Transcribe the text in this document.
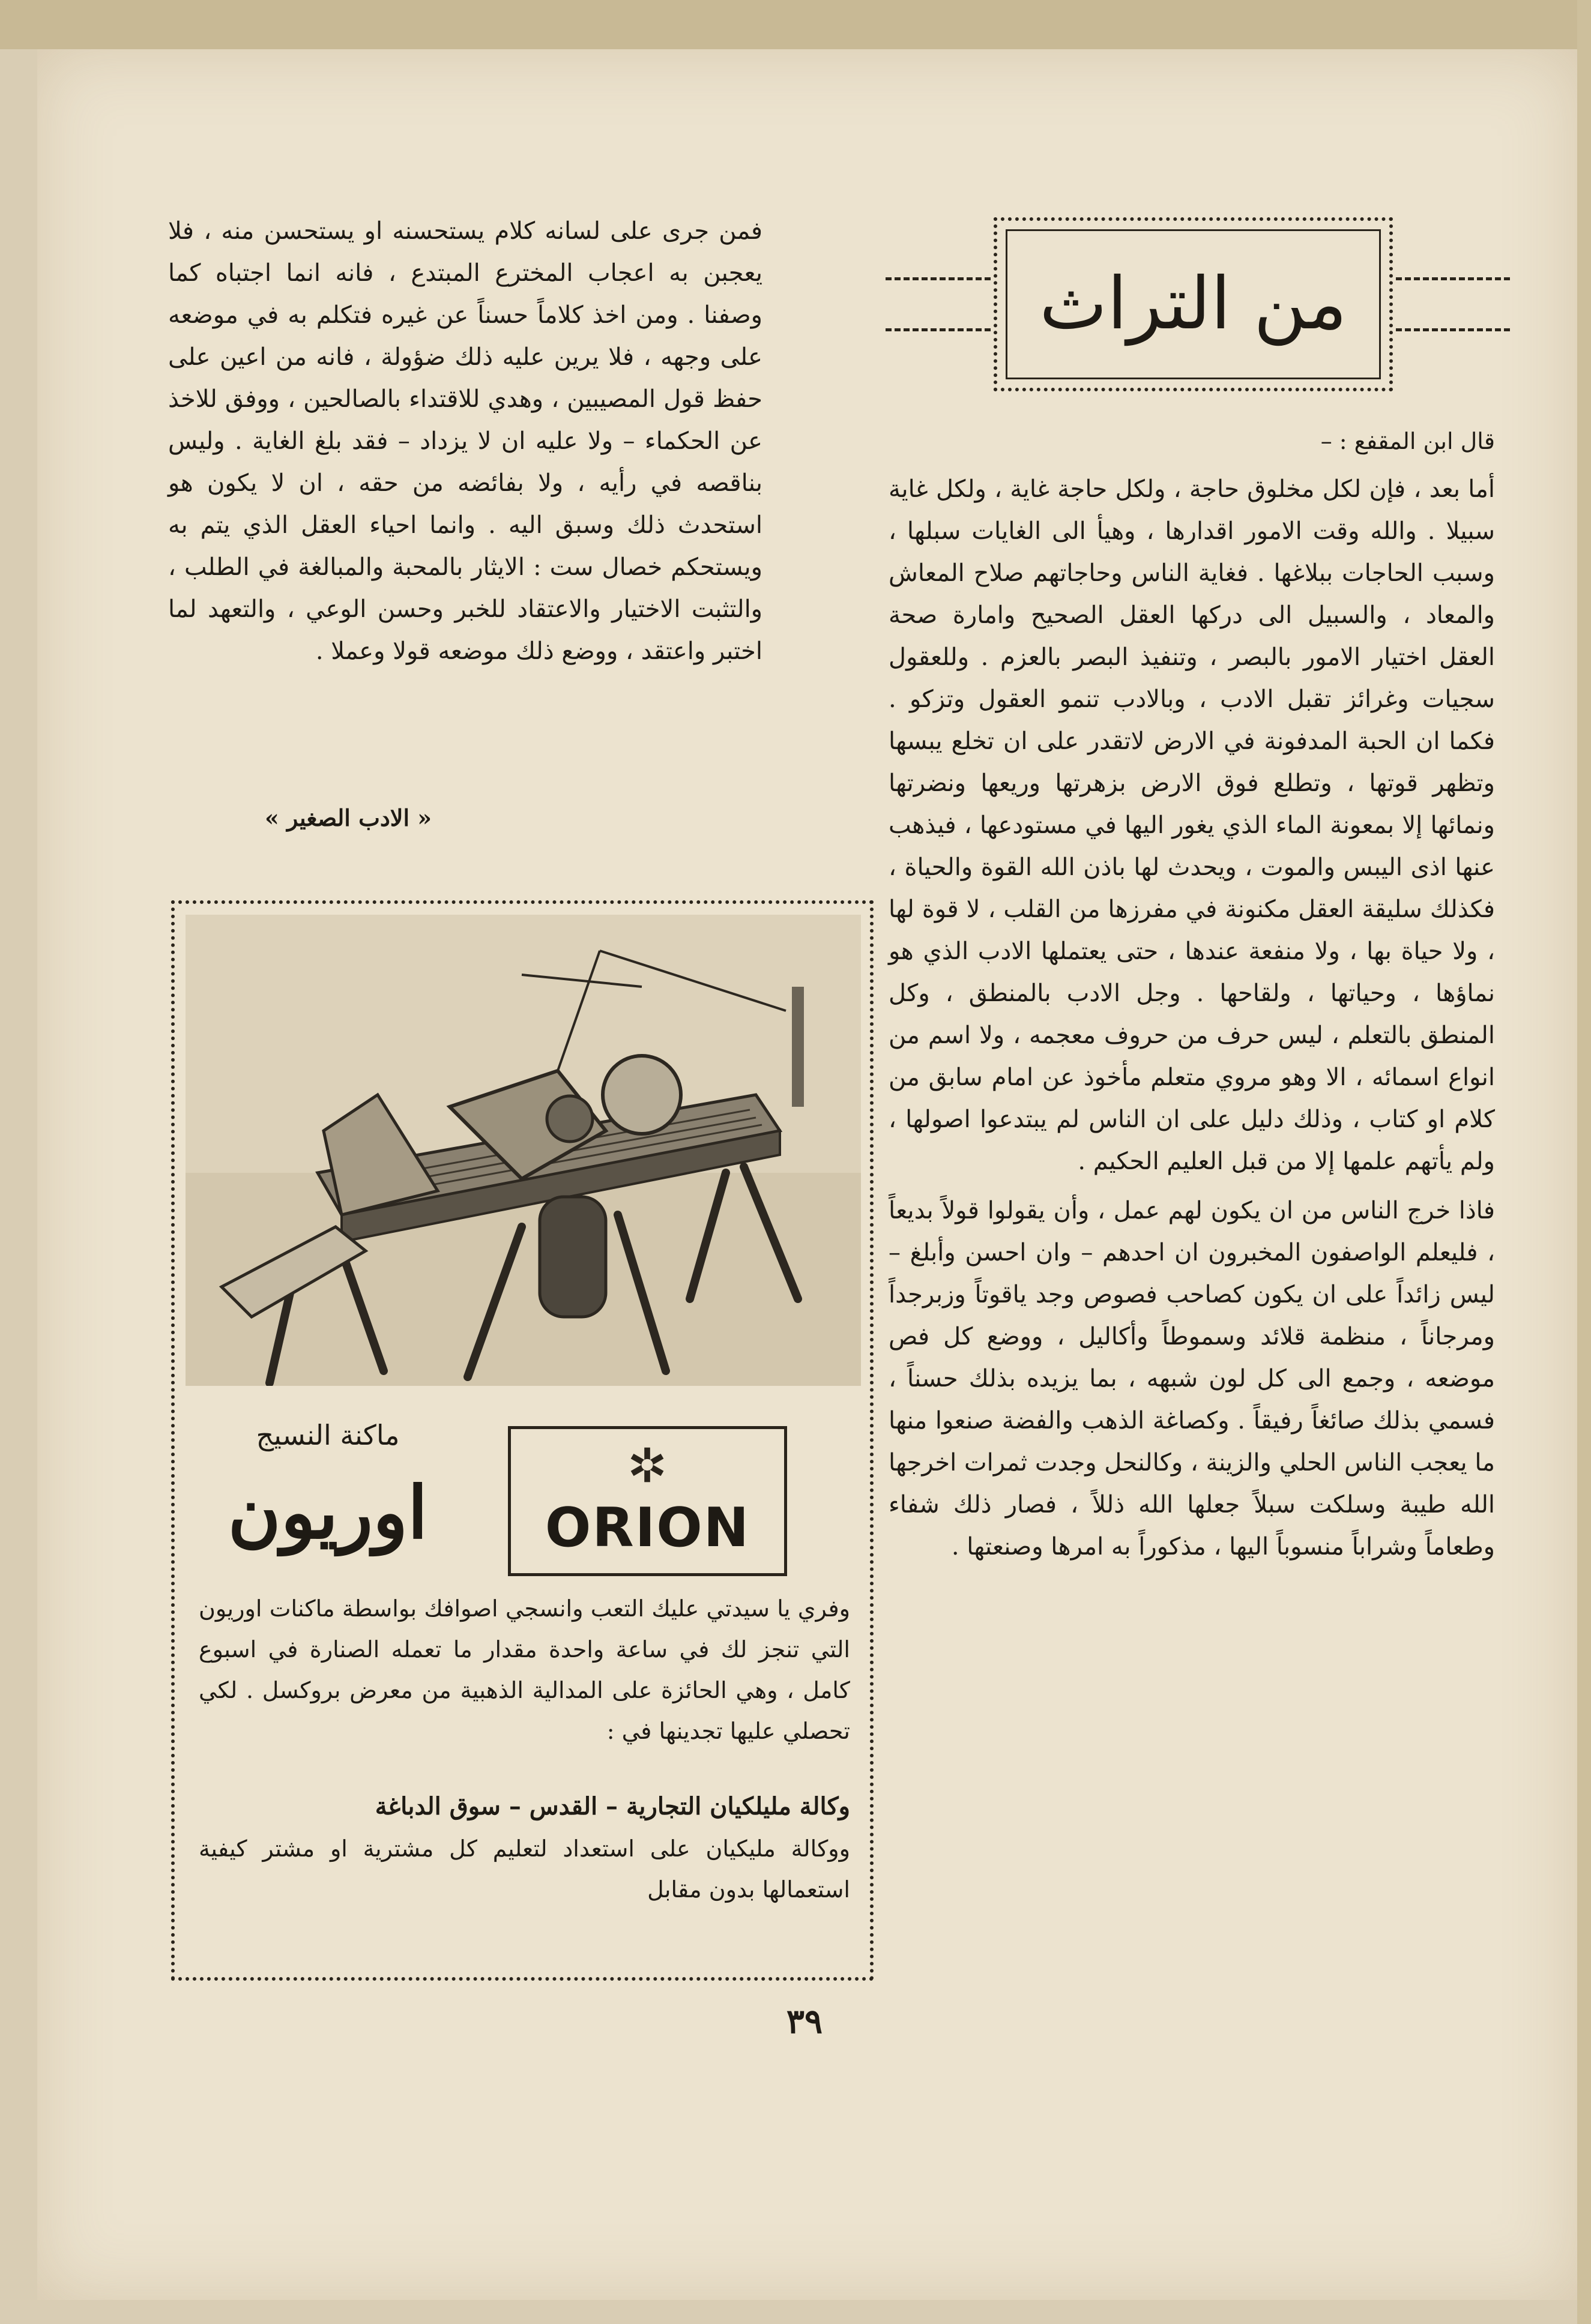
من التراث

قال ابن المقفع : –

أما بعد ، فإن لكل مخلوق حاجة ، ولكل حاجة غاية ، ولكل غاية سبيلا . والله وقت الامور اقدارها ، وهيأ الى الغايات سبلها ، وسبب الحاجات ببلاغها . فغاية الناس وحاجاتهم صلاح المعاش والمعاد ، والسبيل الى دركها العقل الصحيح وامارة صحة العقل اختيار الامور بالبصر ، وتنفيذ البصر بالعزم . وللعقول سجيات وغرائز تقبل الادب ، وبالادب تنمو العقول وتزكو . فكما ان الحبة المدفونة في الارض لاتقدر على ان تخلع يبسها وتظهر قوتها ، وتطلع فوق الارض بزهرتها وريعها ونضرتها ونمائها إلا بمعونة الماء الذي يغور اليها في مستودعها ، فيذهب عنها اذى اليبس والموت ، ويحدث لها باذن الله القوة والحياة ، فكذلك سليقة العقل مكنونة في مفرزها من القلب ، لا قوة لها ، ولا حياة بها ، ولا منفعة عندها ، حتى يعتملها الادب الذي هو نماؤها ، وحياتها ، ولقاحها . وجل الادب بالمنطق ، وكل المنطق بالتعلم ، ليس حرف من حروف معجمه ، ولا اسم من انواع اسمائه ، الا وهو مروي متعلم مأخوذ عن امام سابق من كلام او كتاب ، وذلك دليل على ان الناس لم يبتدعوا اصولها ، ولم يأتهم علمها إلا من قبل العليم الحكيم .

فاذا خرج الناس من ان يكون لهم عمل ، وأن يقولوا قولاً بديعاً ، فليعلم الواصفون المخبرون ان احدهم – وان احسن وأبلغ – ليس زائداً على ان يكون كصاحب فصوص وجد ياقوتاً وزبرجداً ومرجاناً ، منظمة قلائد وسموطاً وأكاليل ، ووضع كل فص موضعه ، وجمع الى كل لون شبهه ، بما يزيده بذلك حسناً ، فسمي بذلك صائغاً رفيقاً . وكصاغة الذهب والفضة صنعوا منها ما يعجب الناس الحلي والزينة ، وكالنحل وجدت ثمرات اخرجها الله طيبة وسلكت سبلاً جعلها الله ذللاً ، فصار ذلك شفاء وطعاماً وشراباً منسوباً اليها ، مذكوراً به امرها وصنعتها .

فمن جرى على لسانه كلام يستحسنه او يستحسن منه ، فلا يعجبن به اعجاب المخترع المبتدع ، فانه انما اجتباه كما وصفنا . ومن اخذ كلاماً حسناً عن غيره فتكلم به في موضعه على وجهه ، فلا يرين عليه ذلك ضؤولة ، فانه من اعين على حفظ قول المصيبين ، وهدي للاقتداء بالصالحين ، ووفق للاخذ عن الحكماء – ولا عليه ان لا يزداد – فقد بلغ الغاية . وليس بناقصه في رأيه ، ولا بفائضه من حقه ، ان لا يكون هو استحدث ذلك وسبق اليه . وانما احياء العقل الذي يتم به ويستحكم خصال ست : الايثار بالمحبة والمبالغة في الطلب ، والتثبت الاختيار والاعتقاد للخبر وحسن الوعي ، والتعهد لما اختبر واعتقد ، ووضع ذلك موضعه قولا وعملا .

« الادب الصغير »
ماكنة النسيج
اوريون	ORION
وفري يا سيدتي عليك التعب وانسجي اصوافك بواسطة ماكنات اوريون التي تنجز لك في ساعة واحدة مقدار ما تعمله الصنارة في اسبوع كامل ، وهي الحائزة على المدالية الذهبية من معرض بروكسل . لكي تحصلي عليها تجدينها في :
وكالة مليلكيان التجارية – القدس – سوق الدباغة
ووكالة مليكيان على استعداد لتعليم كل مشترية او مشتر كيفية استعمالها بدون مقابل
٣٩
